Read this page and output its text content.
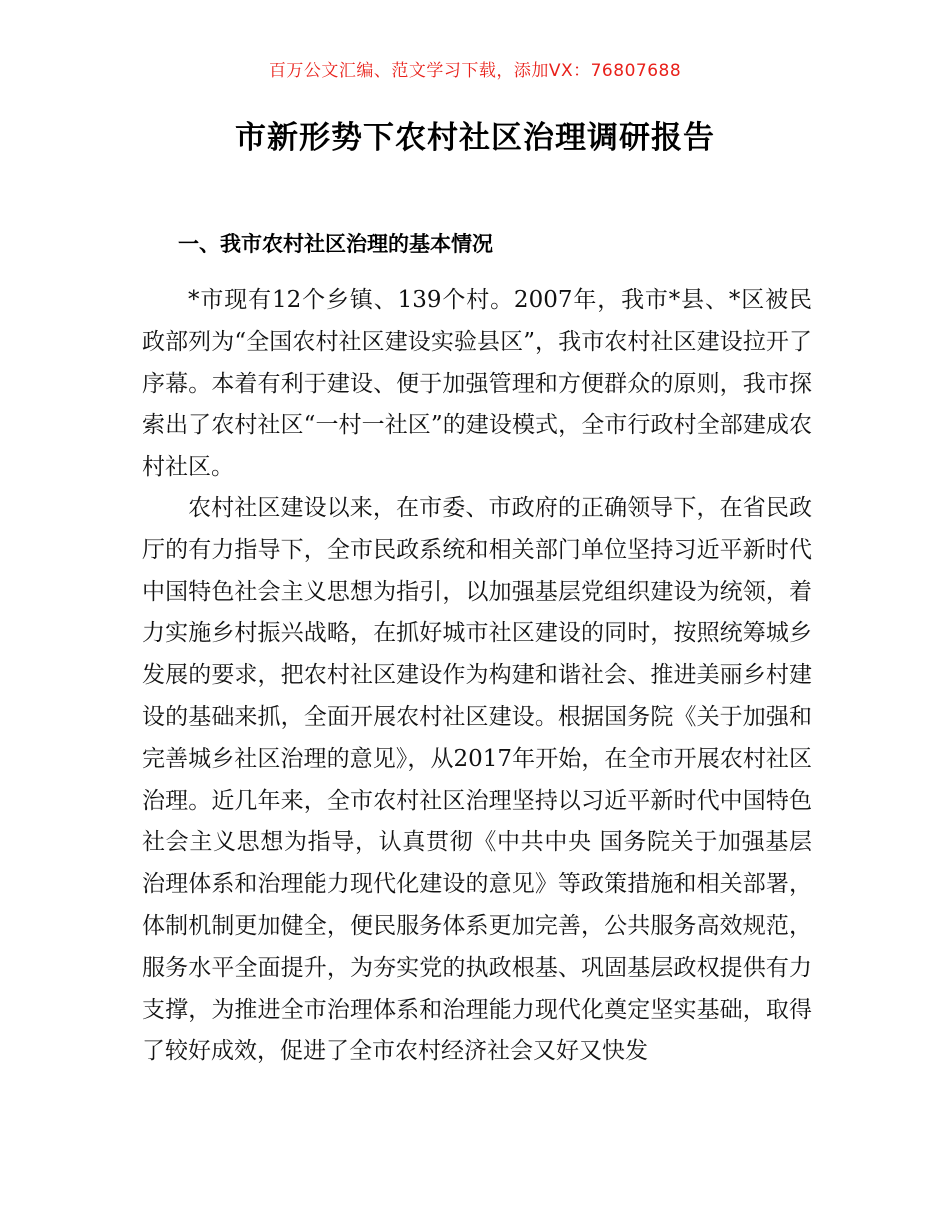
百万公文汇编、范文学习下载，添加VX：76807688
市新形势下农村社区治理调研报告
一、我市农村社区治理的基本情况

*市现有12个乡镇、139个村。2007年，我市*县、*区被民政部列为“全国农村社区建设实验县区”，我市农村社区建设拉开了序幕。本着有利于建设、便于加强管理和方便群众的原则，我市探索出了农村社区“一村一社区”的建设模式，全市行政村全部建成农村社区。

农村社区建设以来，在市委、市政府的正确领导下，在省民政厅的有力指导下，全市民政系统和相关部门单位坚持习近平新时代中国特色社会主义思想为指引，以加强基层党组织建设为统领，着力实施乡村振兴战略，在抓好城市社区建设的同时，按照统筹城乡发展的要求，把农村社区建设作为构建和谐社会、推进美丽乡村建设的基础来抓，全面开展农村社区建设。根据国务院《关于加强和完善城乡社区治理的意见》，从2017年开始，在全市开展农村社区治理。近几年来，全市农村社区治理坚持以习近平新时代中国特色社会主义思想为指导，认真贯彻《中共中央 国务院关于加强基层治理体系和治理能力现代化建设的意见》等政策措施和相关部署，体制机制更加健全，便民服务体系更加完善，公共服务高效规范，服务水平全面提升，为夯实党的执政根基、巩固基层政权提供有力支撑，为推进全市治理体系和治理能力现代化奠定坚实基础，取得了较好成效，促进了全市农村经济社会又好又快发
